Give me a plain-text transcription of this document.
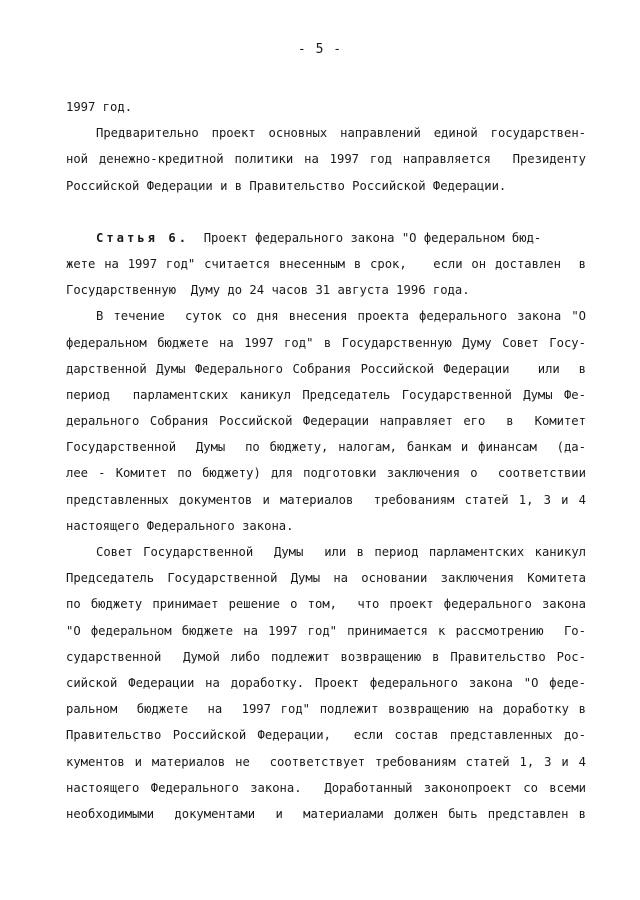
- 5 -
1997 год.
Предварительно проект основных направлений единой государствен-
ной денежно-кредитной политики на 1997 год направляется  Президенту
Российской Федерации и в Правительство Российской Федерации.
Статья 6.  Проект федерального закона "О федеральном бюд-
жете на 1997 год" считается внесенным в срок,   если он доставлен  в
Государственную  Думу до 24 часов 31 августа 1996 года.
В течение  суток со дня внесения проекта федерального закона "О
федеральном бюджете на 1997 год" в Государственную Думу Совет Госу-
дарственной Думы Федерального Собрания Российской Федерации   или  в
период  парламентских каникул Председатель Государственной Думы Фе-
дерального Собрания Российской Федерации направляет его  в  Комитет
Государственной  Думы  по бюджету, налогам, банкам и финансам  (да-
лее - Комитет по бюджету) для подготовки заключения о  соответствии
представленных документов и материалов  требованиям статей 1, 3 и 4
настоящего Федерального закона.
Совет Государственной  Думы  или в период парламентских каникул
Председатель Государственной Думы на основании заключения Комитета
по бюджету принимает решение о том,  что проект федерального закона
"О федеральном бюджете на 1997 год" принимается к рассмотрению  Го-
сударственной  Думой либо подлежит возвращению в Правительство Рос-
сийской Федерации на доработку. Проект федерального закона "О феде-
ральном  бюджете  на  1997 год" подлежит возвращению на доработку в
Правительство Российской Федерации,  если состав представленных до-
кументов и материалов не  соответствует требованиям статей 1, 3 и 4
настоящего Федерального закона.  Доработанный законопроект со всеми
необходимыми  документами  и  материалами должен быть представлен в
